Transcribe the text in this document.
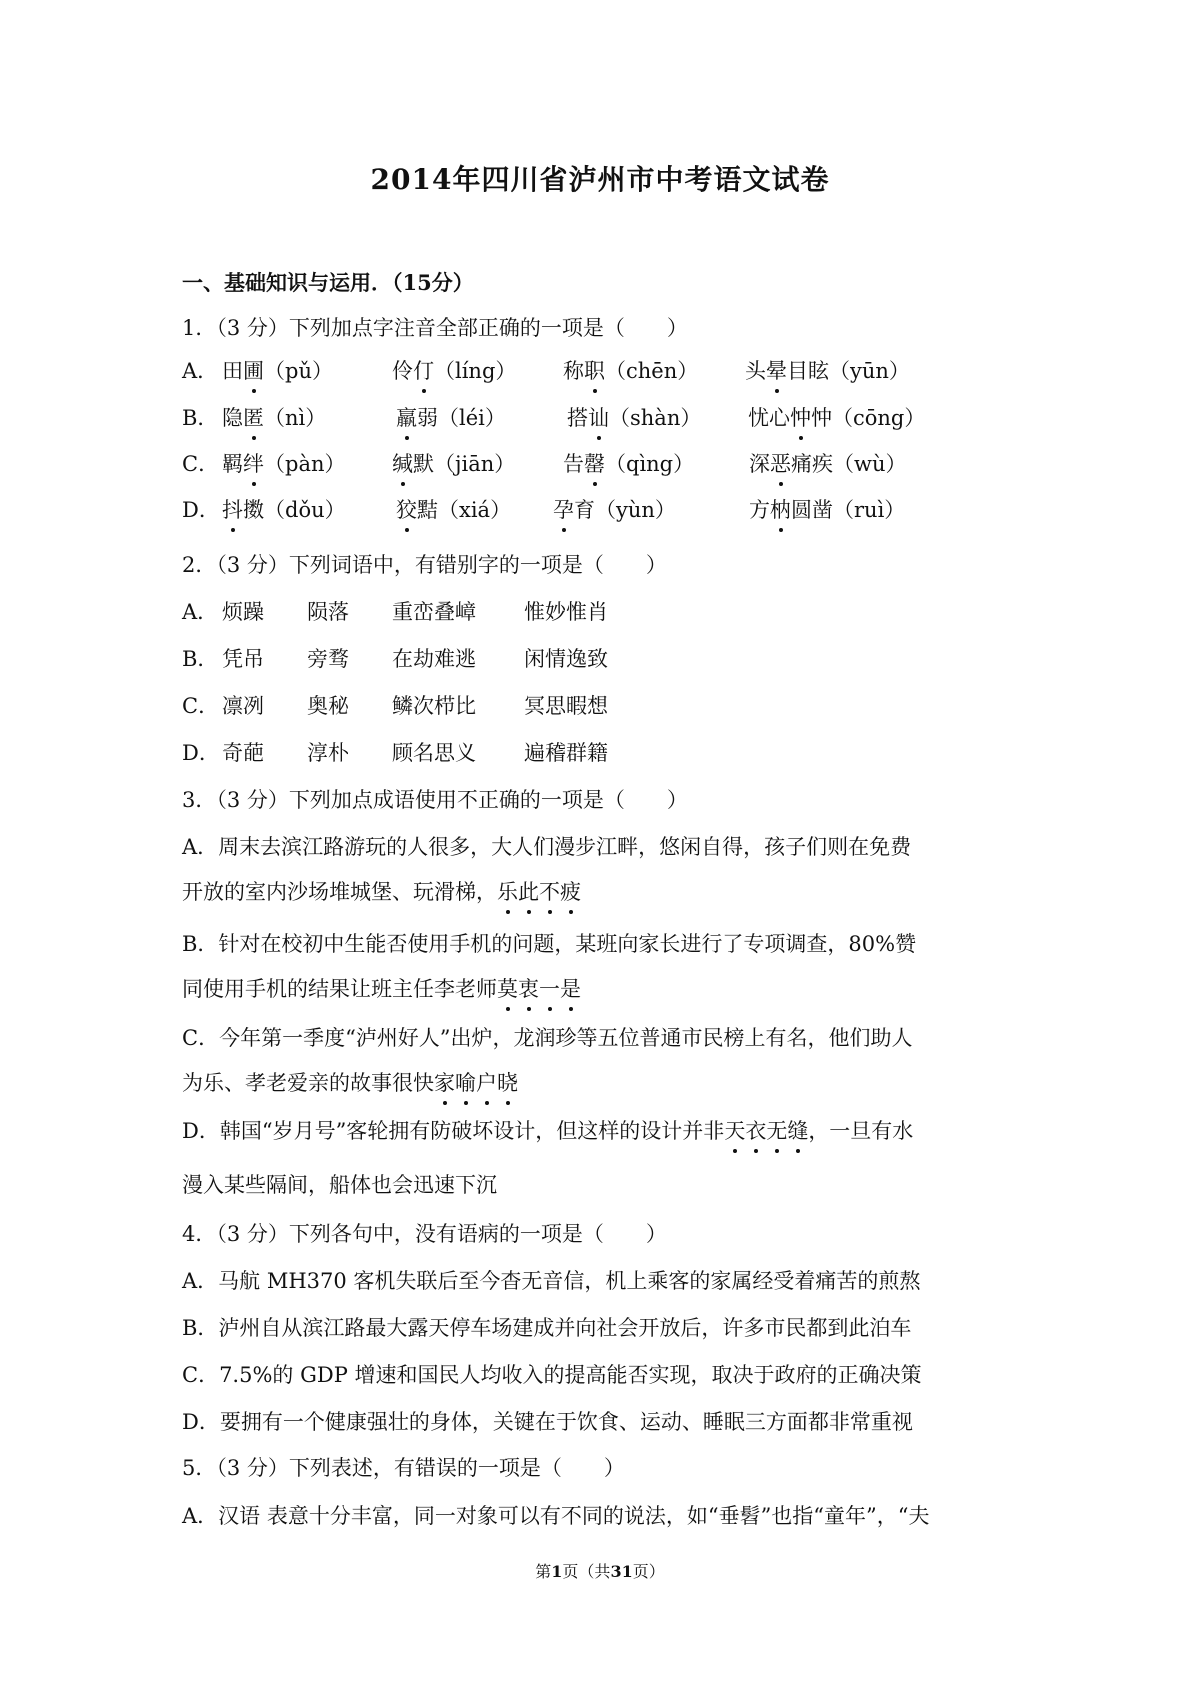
2014年四川省泸州市中考语文试卷
一、基础知识与运用．（15分）
1．（3 分）下列加点字注音全部正确的一项是（　　）
A． 田圃（pǔ）	伶仃（líng） 称职（chēn） 头晕目眩（yūn）
B． 隐匿（nì）	羸弱（léi）	搭讪（shàn） 忧心忡忡（cōng）
C． 羁绊（pàn） 缄默（jiān） 告罄（qìng）	深恶痛疾（wù）
D． 抖擞（dǒu） 狡黠（xiá） 孕育（yùn）	方枘圆凿（ruì）
2．（3 分）下列词语中，有错别字的一项是（　　）
A． 烦躁 陨落 重峦叠嶂 惟妙惟肖
B． 凭吊 旁骛 在劫难逃 闲情逸致
C． 凛冽 奥秘 鳞次栉比 冥思暇想
D． 奇葩 淳朴 顾名思义 遍稽群籍
3．（3 分）下列加点成语使用不正确的一项是（　　）
A．周末去滨江路游玩的人很多，大人们漫步江畔，悠闲自得，孩子们则在免费
开放的室内沙场堆城堡、玩滑梯，乐此不疲
B．针对在校初中生能否使用手机的问题，某班向家长进行了专项调查，80%赞
同使用手机的结果让班主任李老师莫衷一是
C．今年第一季度“泸州好人”出炉，龙润珍等五位普通市民榜上有名，他们助人
为乐、孝老爱亲的故事很快家喻户晓
D．韩国“岁月号”客轮拥有防破坏设计，但这样的设计并非天衣无缝，一旦有水
漫入某些隔间，船体也会迅速下沉
4．（3 分）下列各句中，没有语病的一项是（　　）
A．马航 MH370 客机失联后至今杳无音信，机上乘客的家属经受着痛苦的煎熬
B．泸州自从滨江路最大露天停车场建成并向社会开放后，许多市民都到此泊车
C．7.5%的 GDP 增速和国民人均收入的提高能否实现，取决于政府的正确决策
D．要拥有一个健康强壮的身体，关键在于饮食、运动、睡眠三方面都非常重视
5．（3 分）下列表述，有错误的一项是（　　）
A．汉语 表意十分丰富，同一对象可以有不同的说法，如“垂髫”也指“童年”，“夫
第1页（共31页）
